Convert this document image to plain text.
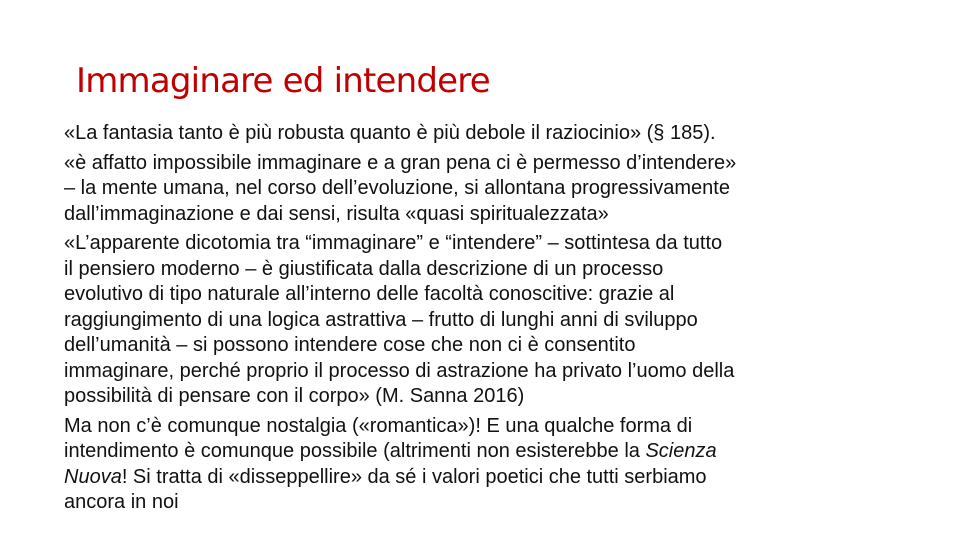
Immaginare ed intendere

«La fantasia tanto è più robusta quanto è più debole il raziocinio» (§ 185).

«è affatto impossibile immaginare e a gran pena ci è permesso d’intendere»
– la mente umana, nel corso dell’evoluzione, si allontana progressivamente
dall’immaginazione e dai sensi, risulta «quasi spiritualezzata»

«L’apparente dicotomia tra “immaginare” e “intendere” – sottintesa da tutto
il pensiero moderno – è giustificata dalla descrizione di un processo
evolutivo di tipo naturale all’interno delle facoltà conoscitive: grazie al
raggiungimento di una logica astrattiva – frutto di lunghi anni di sviluppo
dell’umanità – si possono intendere cose che non ci è consentito
immaginare, perché proprio il processo di astrazione ha privato l’uomo della
possibilità di pensare con il corpo» (M. Sanna 2016)

Ma non c’è comunque nostalgia («romantica»)! E una qualche forma di
intendimento è comunque possibile (altrimenti non esisterebbe la Scienza
Nuova! Si tratta di «disseppellire» da sé i valori poetici che tutti serbiamo
ancora in noi
